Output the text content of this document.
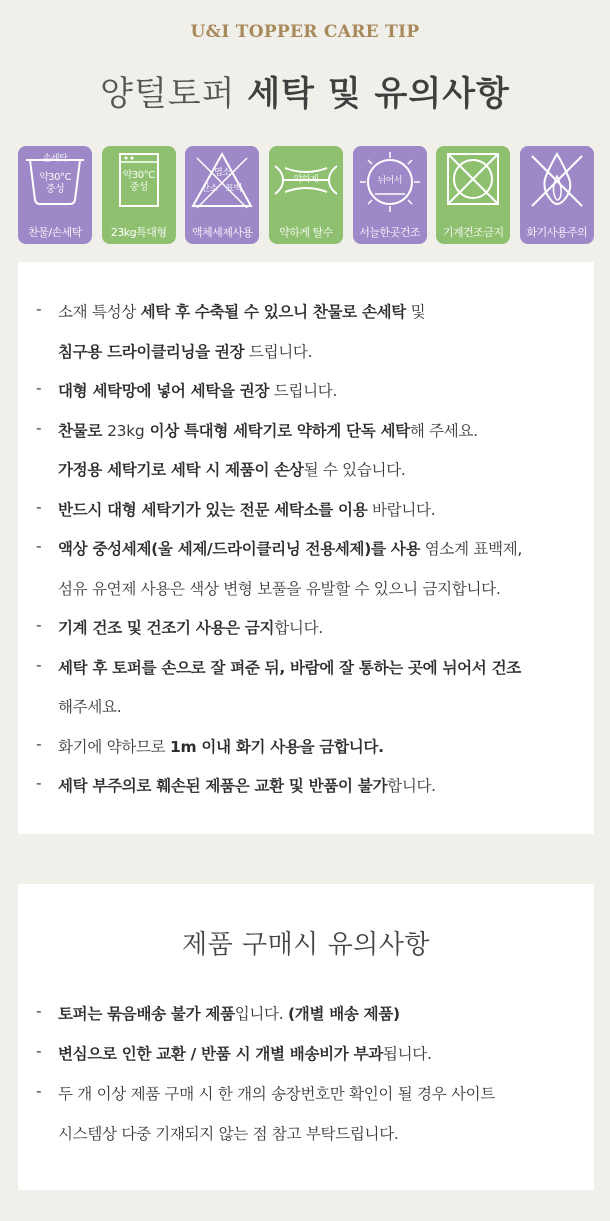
U&I TOPPER CARE TIP
양털토퍼 세탁 및 유의사항
손세탁
약30°C
중성
찬물/손세탁
약30°C
중성
23kg특대형
염소
산소 표백
액체세제사용
약하게
약하게 탈수
뉘어서
서늘한곳건조	기계건조금지	화기사용주의
- 소재 특성상 세탁 후 수축될 수 있으니 찬물로 손세탁 및
침구용 드라이클리닝을 권장 드립니다.
- 대형 세탁망에 넣어 세탁을 권장 드립니다.
- 찬물로 23kg 이상 특대형 세탁기로 약하게 단독 세탁해 주세요.
가정용 세탁기로 세탁 시 제품이 손상될 수 있습니다.
- 반드시 대형 세탁기가 있는 전문 세탁소를 이용 바랍니다.
- 액상 중성세제(울 세제/드라이클리닝 전용세제)를 사용 염소계 표백제,
섬유 유연제 사용은 색상 변형 보풀을 유발할 수 있으니 금지합니다.
- 기계 건조 및 건조기 사용은 금지합니다.
- 세탁 후 토퍼를 손으로 잘 펴준 뒤, 바람에 잘 통하는 곳에 뉘어서 건조
해주세요.
- 화기에 약하므로 1m 이내 화기 사용을 금합니다.
- 세탁 부주의로 훼손된 제품은 교환 및 반품이 불가합니다.
제품 구매시 유의사항
- 토퍼는 묶음배송 불가 제품입니다. (개별 배송 제품)
- 변심으로 인한 교환 / 반품 시 개별 배송비가 부과됩니다.
- 두 개 이상 제품 구매 시 한 개의 송장번호만 확인이 될 경우 사이트
시스템상 다중 기재되지 않는 점 참고 부탁드립니다.
